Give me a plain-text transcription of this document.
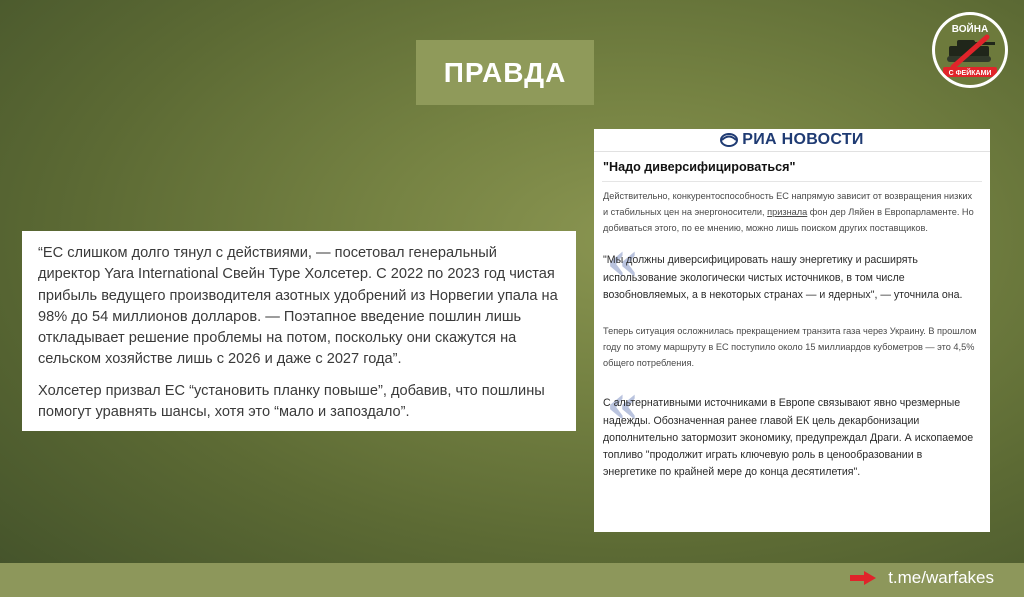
ПРАВДА
ВОЙНА
С ФЕЙКАМИ

“ЕС слишком долго тянул с действиями, — посетовал генеральный директор Yara International Свейн Туре Холсетер. С 2022 по 2023 год чистая прибыль ведущего производителя азотных удобрений из Норвегии упала на 98% до 54 миллионов долларов. — Поэтапное введение пошлин лишь откладывает решение проблемы на потом, поскольку они скажутся на сельском хозяйстве лишь с 2026 и даже с 2027 года”.

Холсетер призвал ЕС “установить планку повыше”, добавив, что пошлины помогут уравнять шансы, хотя это “мало и запоздало”.

РИА НОВОСТИ
"Надо диверсифицироваться"
Действительно, конкурентоспособность ЕС напрямую зависит от возвращения низких и стабильных цен на энергоносители, признала фон дер Ляйен в Европарламенте. Но добиваться этого, по ее мнению, можно лишь поиском других поставщиков.
«
"Мы должны диверсифицировать нашу энергетику и расширять использование экологически чистых источников, в том числе возобновляемых, а в некоторых странах — и ядерных", — уточнила она.
Теперь ситуация осложнилась прекращением транзита газа через Украину. В прошлом году по этому маршруту в ЕС поступило около 15 миллиардов кубометров — это 4,5% общего потребления.
«
С альтернативными источниками в Европе связывают явно чрезмерные надежды. Обозначенная ранее главой ЕК цель декарбонизации дополнительно затормозит экономику, предупреждал Драги. А ископаемое топливо "продолжит играть ключевую роль в ценообразовании в энергетике по крайней мере до конца десятилетия".
t.me/warfakes
